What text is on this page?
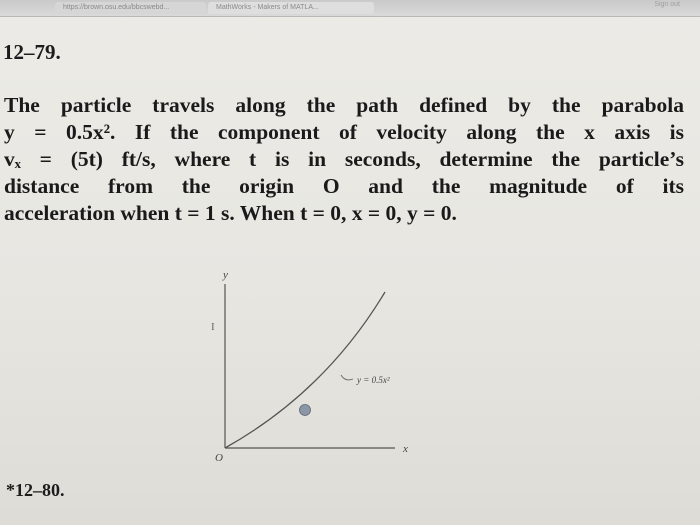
https://brown.osu.edu/bbcswebd...	MathWorks - Makers of MATLA...	Sign out
12–79.
The particle travels along the path defined by the parabola
y = 0.5x². If the component of velocity along the x axis is
vₓ = (5t) ft/s, where t is in seconds, determine the particle’s
distance from the origin O and the magnitude of its
acceleration when t = 1 s. When t = 0, x = 0, y = 0.
y
x
O
y = 0.5x²
I
*12–80.
